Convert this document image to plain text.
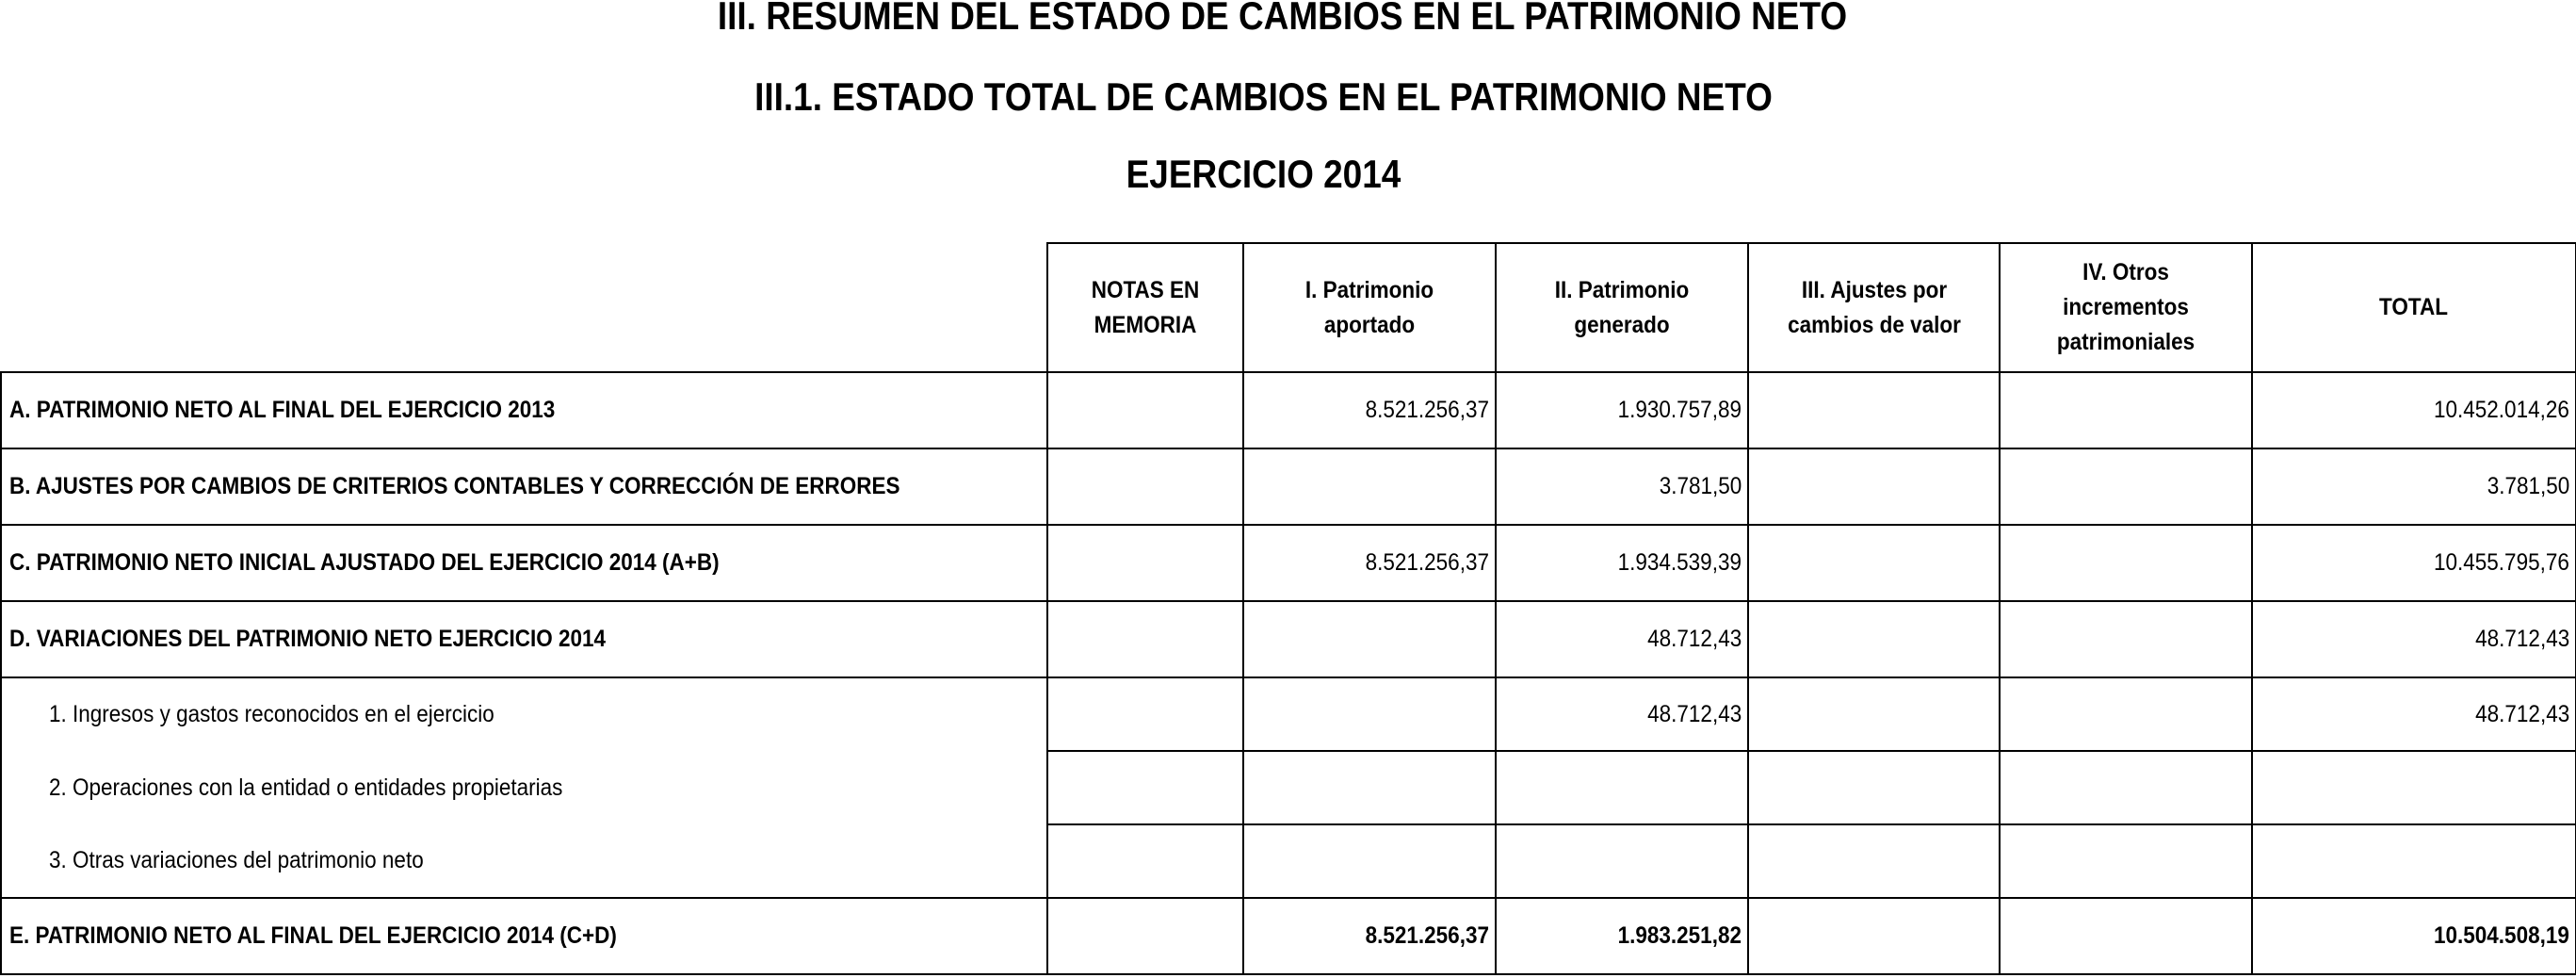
III. RESUMEN DEL ESTADO DE CAMBIOS EN EL PATRIMONIO NETO
III.1. ESTADO TOTAL DE CAMBIOS EN EL PATRIMONIO NETO
EJERCICIO 2014
	NOTAS EN MEMORIA	I. Patrimonio aportado	II. Patrimonio generado	III. Ajustes por cambios de valor	IV. Otros incrementos patrimoniales	TOTAL
A. PATRIMONIO NETO AL FINAL DEL EJERCICIO 2013		8.521.256,37	1.930.757,89			10.452.014,26
B. AJUSTES POR CAMBIOS DE CRITERIOS CONTABLES Y CORRECCIÓN DE ERRORES			3.781,50			3.781,50
C. PATRIMONIO NETO INICIAL AJUSTADO DEL EJERCICIO 2014 (A+B)		8.521.256,37	1.934.539,39			10.455.795,76
D. VARIACIONES DEL PATRIMONIO NETO EJERCICIO 2014			48.712,43			48.712,43
1. Ingresos y gastos reconocidos en el ejercicio			48.712,43			48.712,43
2. Operaciones con la entidad o entidades propietarias						
3. Otras variaciones del patrimonio neto						
E. PATRIMONIO NETO AL FINAL DEL EJERCICIO 2014 (C+D)		8.521.256,37	1.983.251,82			10.504.508,19
